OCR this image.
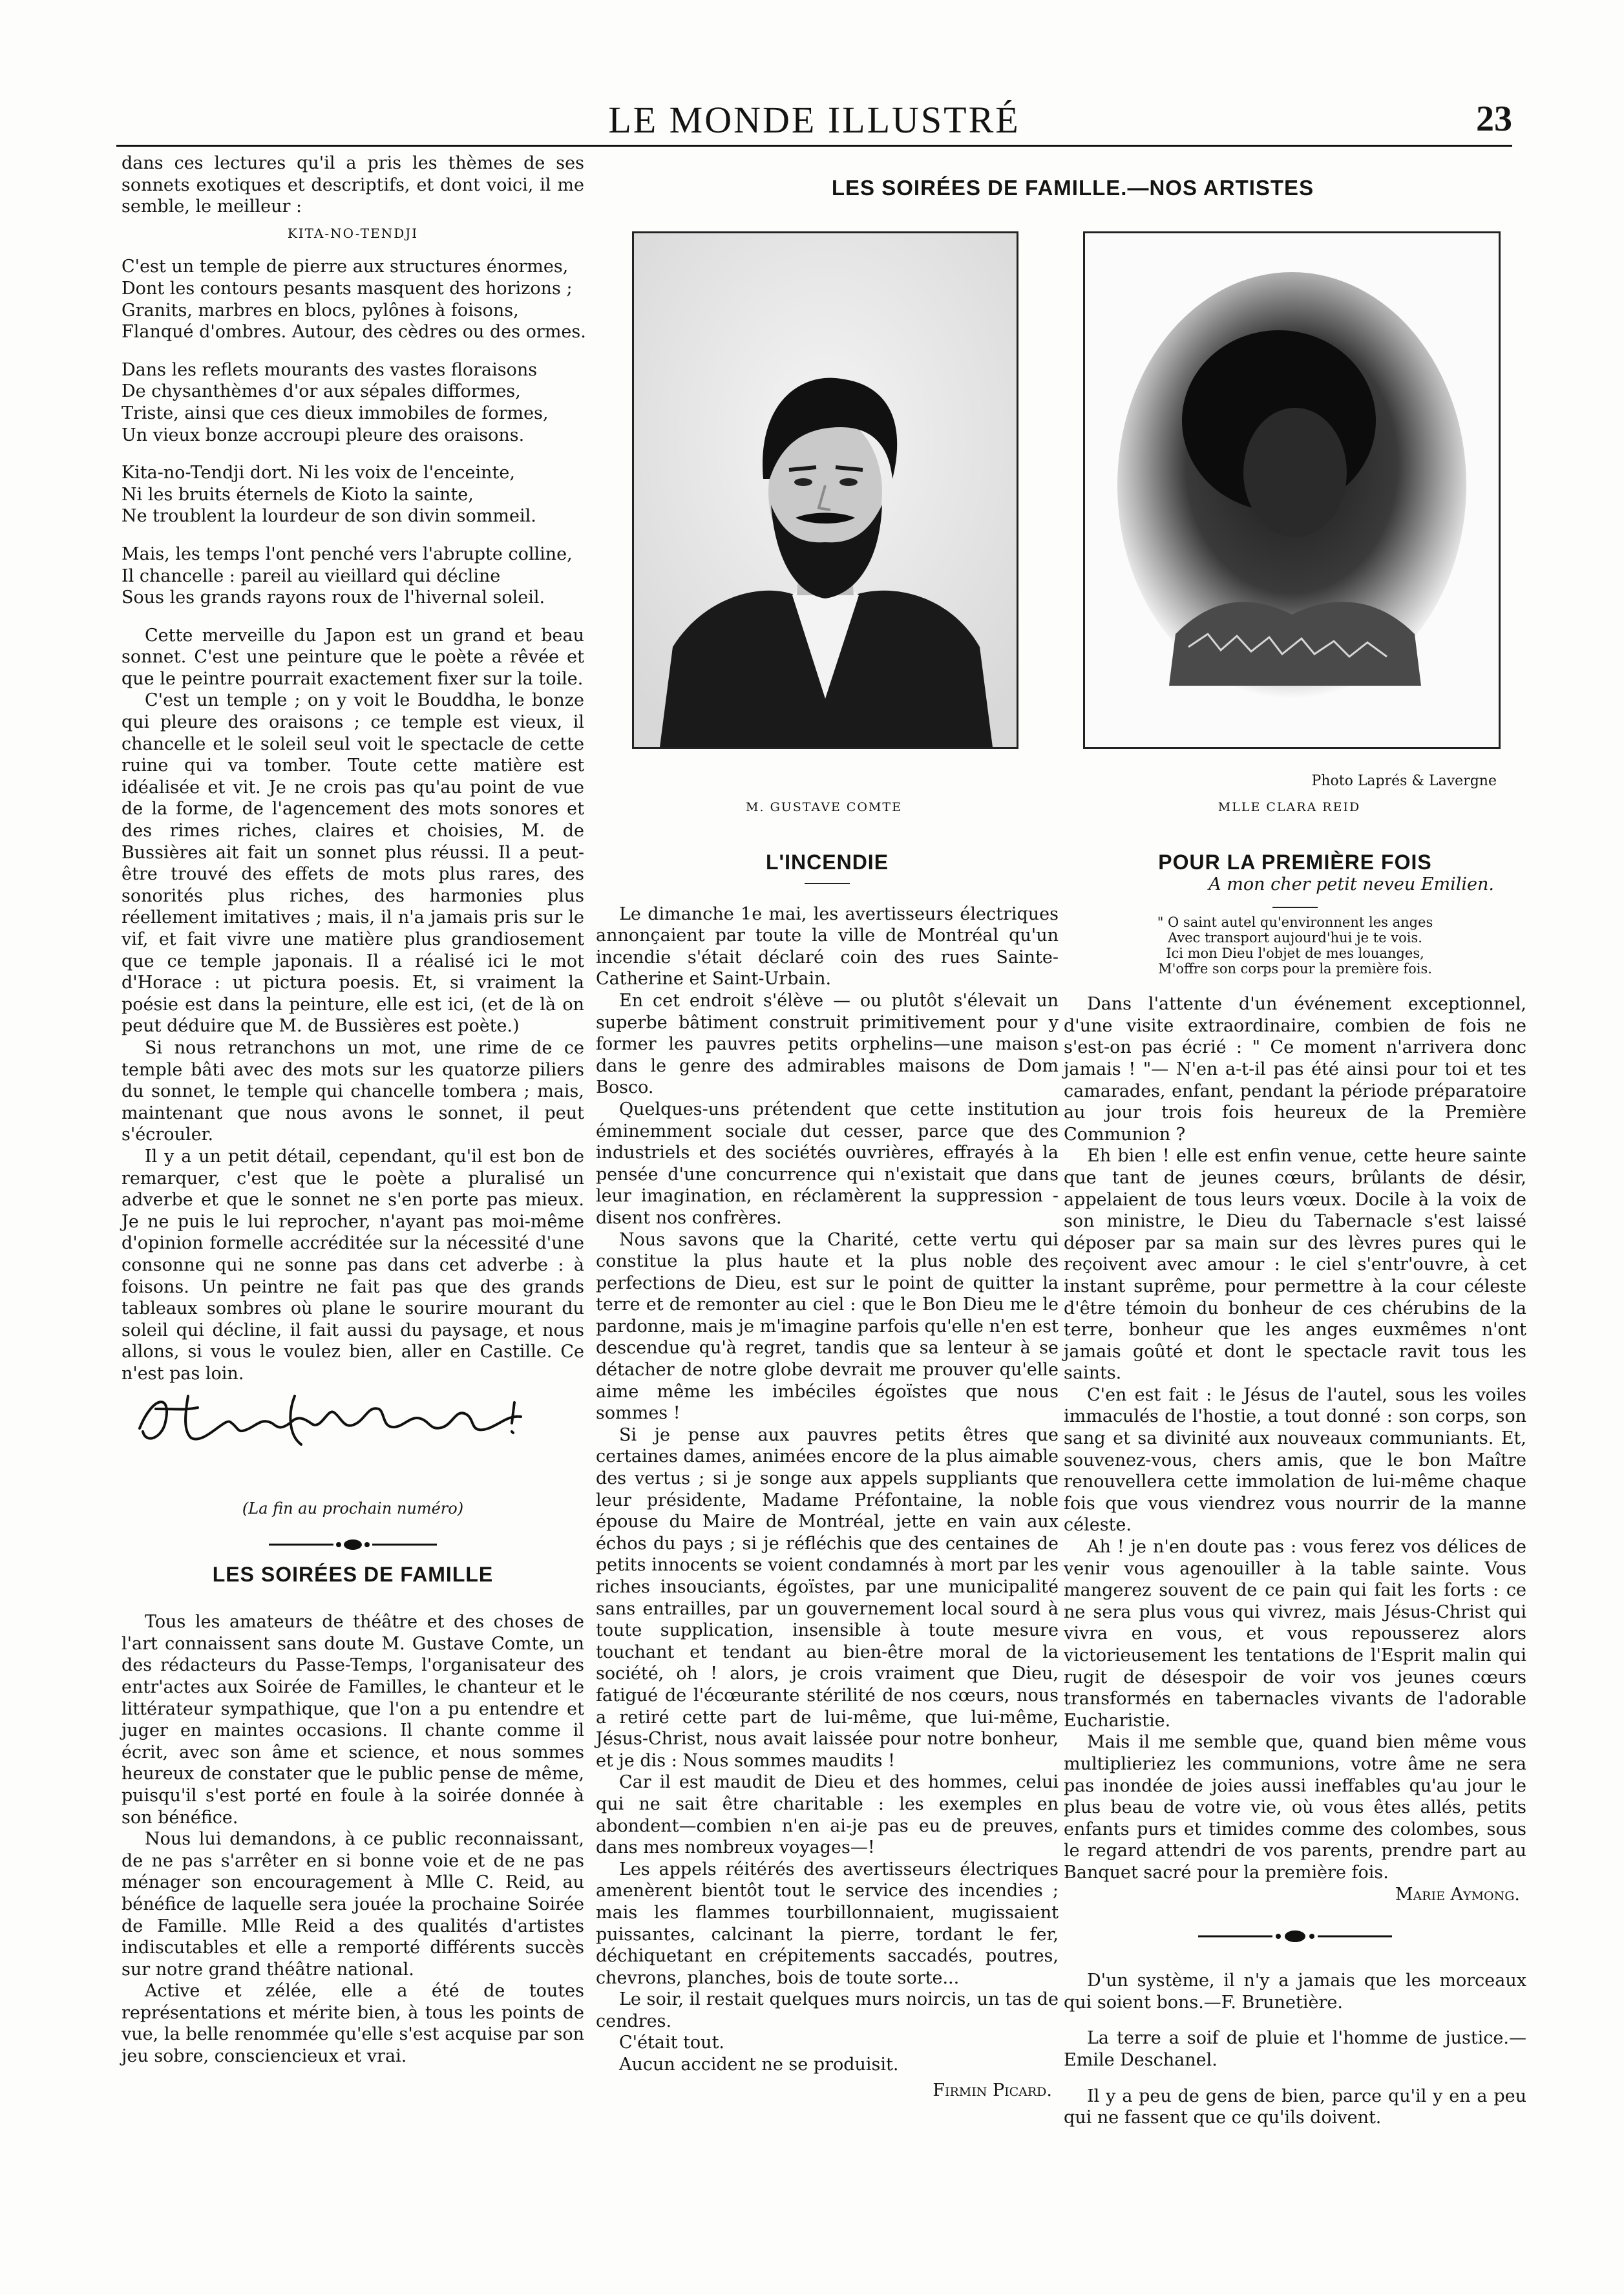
LE MONDE ILLUSTRÉ	23

dans ces lectures qu'il a pris les thèmes de ses sonnets exotiques et descriptifs, et dont voici, il me semble, le meilleur :

KITA-NO-TENDJI
C'est un temple de pierre aux structures énormes,
Dont les contours pesants masquent des horizons ;
Granits, marbres en blocs, pylônes à foisons,
Flanqué d'ombres. Autour, des cèdres ou des ormes.
Dans les reflets mourants des vastes floraisons
De chysanthèmes d'or aux sépales difformes,
Triste, ainsi que ces dieux immobiles de formes,
Un vieux bonze accroupi pleure des oraisons.
Kita-no-Tendji dort. Ni les voix de l'enceinte,
Ni les bruits éternels de Kioto la sainte,
Ne troublent la lourdeur de son divin sommeil.
Mais, les temps l'ont penché vers l'abrupte colline,
Il chancelle : pareil au vieillard qui décline
Sous les grands rayons roux de l'hivernal soleil.

Cette merveille du Japon est un grand et beau sonnet. C'est une peinture que le poète a rêvée et que le peintre pourrait exactement fixer sur la toile.

C'est un temple ; on y voit le Bouddha, le bonze qui pleure des oraisons ; ce temple est vieux, il chancelle et le soleil seul voit le spectacle de cette ruine qui va tomber. Toute cette matière est idéalisée et vit. Je ne crois pas qu'au point de vue de la forme, de l'agencement des mots sonores et des rimes riches, claires et choisies, M. de Bussières ait fait un sonnet plus réussi. Il a peut-être trouvé des effets de mots plus rares, des sonorités plus riches, des harmonies plus réellement imitatives ; mais, il n'a jamais pris sur le vif, et fait vivre une matière plus grandiosement que ce temple japonais. Il a réalisé ici le mot d'Horace : ut pictura poesis. Et, si vraiment la poésie est dans la peinture, elle est ici, (et de là on peut déduire que M. de Bussières est poète.)

Si nous retranchons un mot, une rime de ce temple bâti avec des mots sur les quatorze piliers du sonnet, le temple qui chancelle tombera ; mais, maintenant que nous avons le sonnet, il peut s'écrouler.

Il y a un petit détail, cependant, qu'il est bon de remarquer, c'est que le poète a pluralisé un adverbe et que le sonnet ne s'en porte pas mieux. Je ne puis le lui reprocher, n'ayant pas moi-même d'opinion formelle accréditée sur la nécessité d'une consonne qui ne sonne pas dans cet adverbe : à foisons. Un peintre ne fait pas que des grands tableaux sombres où plane le sourire mourant du soleil qui décline, il fait aussi du paysage, et nous allons, si vous le voulez bien, aller en Castille. Ce n'est pas loin.

(La fin au prochain numéro)
LES SOIRÉES DE FAMILLE

Tous les amateurs de théâtre et des choses de l'art connaissent sans doute M. Gustave Comte, un des rédacteurs du Passe-Temps, l'organisateur des entr'actes aux Soirée de Familles, le chanteur et le littérateur sympathique, que l'on a pu entendre et juger en maintes occasions. Il chante comme il écrit, avec son âme et science, et nous sommes heureux de constater que le public pense de même, puisqu'il s'est porté en foule à la soirée donnée à son bénéfice.

Nous lui demandons, à ce public reconnaissant, de ne pas s'arrêter en si bonne voie et de ne pas ménager son encouragement à Mlle C. Reid, au bénéfice de laquelle sera jouée la prochaine Soirée de Famille. Mlle Reid a des qualités d'artistes indiscutables et elle a remporté différents succès sur notre grand théâtre national.

Active et zélée, elle a été de toutes représentations et mérite bien, à tous les points de vue, la belle renommée qu'elle s'est acquise par son jeu sobre, consciencieux et vrai.

LES SOIRÉES DE FAMILLE.—NOS ARTISTES
Photo Laprés & Lavergne
M. GUSTAVE COMTE	MLLE CLARA REID
L'INCENDIE

Le dimanche 1e mai, les avertisseurs électriques annonçaient par toute la ville de Montréal qu'un incendie s'était déclaré coin des rues Sainte-Catherine et Saint-Urbain.

En cet endroit s'élève — ou plutôt s'élevait un superbe bâtiment construit primitivement pour y former les pauvres petits orphelins—une maison dans le genre des admirables maisons de Dom Bosco.

Quelques-uns prétendent que cette institution éminemment sociale dut cesser, parce que des industriels et des sociétés ouvrières, effrayés à la pensée d'une concurrence qui n'existait que dans leur imagination, en réclamèrent la suppression - disent nos confrères.

Nous savons que la Charité, cette vertu qui constitue la plus haute et la plus noble des perfections de Dieu, est sur le point de quitter la terre et de remonter au ciel : que le Bon Dieu me le pardonne, mais je m'imagine parfois qu'elle n'en est descendue qu'à regret, tandis que sa lenteur à se détacher de notre globe devrait me prouver qu'elle aime même les imbéciles égoïstes que nous sommes !

Si je pense aux pauvres petits êtres que certaines dames, animées encore de la plus aimable des vertus ; si je songe aux appels suppliants que leur présidente, Madame Préfontaine, la noble épouse du Maire de Montréal, jette en vain aux échos du pays ; si je réfléchis que des centaines de petits innocents se voient condamnés à mort par les riches insouciants, égoïstes, par une municipalité sans entrailles, par un gouvernement local sourd à toute supplication, insensible à toute mesure touchant et tendant au bien-être moral de la société, oh ! alors, je crois vraiment que Dieu, fatigué de l'écœurante stérilité de nos cœurs, nous a retiré cette part de lui-même, que lui-même, Jésus-Christ, nous avait laissée pour notre bonheur, et je dis : Nous sommes maudits !

Car il est maudit de Dieu et des hommes, celui qui ne sait être charitable : les exemples en abondent—combien n'en ai-je pas eu de preuves, dans mes nombreux voyages—!

Les appels réitérés des avertisseurs électriques amenèrent bientôt tout le service des incendies ; mais les flammes tourbillonnaient, mugissaient puissantes, calcinant la pierre, tordant le fer, déchiquetant en crépitements saccadés, poutres, chevrons, planches, bois de toute sorte...

Le soir, il restait quelques murs noircis, un tas de cendres.

C'était tout.

Aucun accident ne se produisit.

Firmin Picard.
POUR LA PREMIÈRE FOIS
A mon cher petit neveu Emilien.
" O saint autel qu'environnent les anges
Avec transport aujourd'hui je te vois.
Ici mon Dieu l'objet de mes louanges,
M'offre son corps pour la première fois.

Dans l'attente d'un événement exceptionnel, d'une visite extraordinaire, combien de fois ne s'est-on pas écrié : " Ce moment n'arrivera donc jamais ! "— N'en a-t-il pas été ainsi pour toi et tes camarades, enfant, pendant la période préparatoire au jour trois fois heureux de la Première Communion ?

Eh bien ! elle est enfin venue, cette heure sainte que tant de jeunes cœurs, brûlants de désir, appelaient de tous leurs vœux. Docile à la voix de son ministre, le Dieu du Tabernacle s'est laissé déposer par sa main sur des lèvres pures qui le reçoivent avec amour : le ciel s'entr'ouvre, à cet instant suprême, pour permettre à la cour céleste d'être témoin du bonheur de ces chérubins de la terre, bonheur que les anges euxmêmes n'ont jamais goûté et dont le spectacle ravit tous les saints.

C'en est fait : le Jésus de l'autel, sous les voiles immaculés de l'hostie, a tout donné : son corps, son sang et sa divinité aux nouveaux communiants. Et, souvenez-vous, chers amis, que le bon Maître renouvellera cette immolation de lui-même chaque fois que vous viendrez vous nourrir de la manne céleste.

Ah ! je n'en doute pas : vous ferez vos délices de venir vous agenouiller à la table sainte. Vous mangerez souvent de ce pain qui fait les forts : ce ne sera plus vous qui vivrez, mais Jésus-Christ qui vivra en vous, et vous repousserez alors victorieusement les tentations de l'Esprit malin qui rugit de désespoir de voir vos jeunes cœurs transformés en tabernacles vivants de l'adorable Eucharistie.

Mais il me semble que, quand bien même vous multiplieriez les communions, votre âme ne sera pas inondée de joies aussi ineffables qu'au jour le plus beau de votre vie, où vous êtes allés, petits enfants purs et timides comme des colombes, sous le regard attendri de vos parents, prendre part au Banquet sacré pour la première fois.

Marie Aymong.

D'un système, il n'y a jamais que les morceaux qui soient bons.—F. Brunetière.

La terre a soif de pluie et l'homme de justice.— Emile Deschanel.

Il y a peu de gens de bien, parce qu'il y en a peu qui ne fassent que ce qu'ils doivent.
